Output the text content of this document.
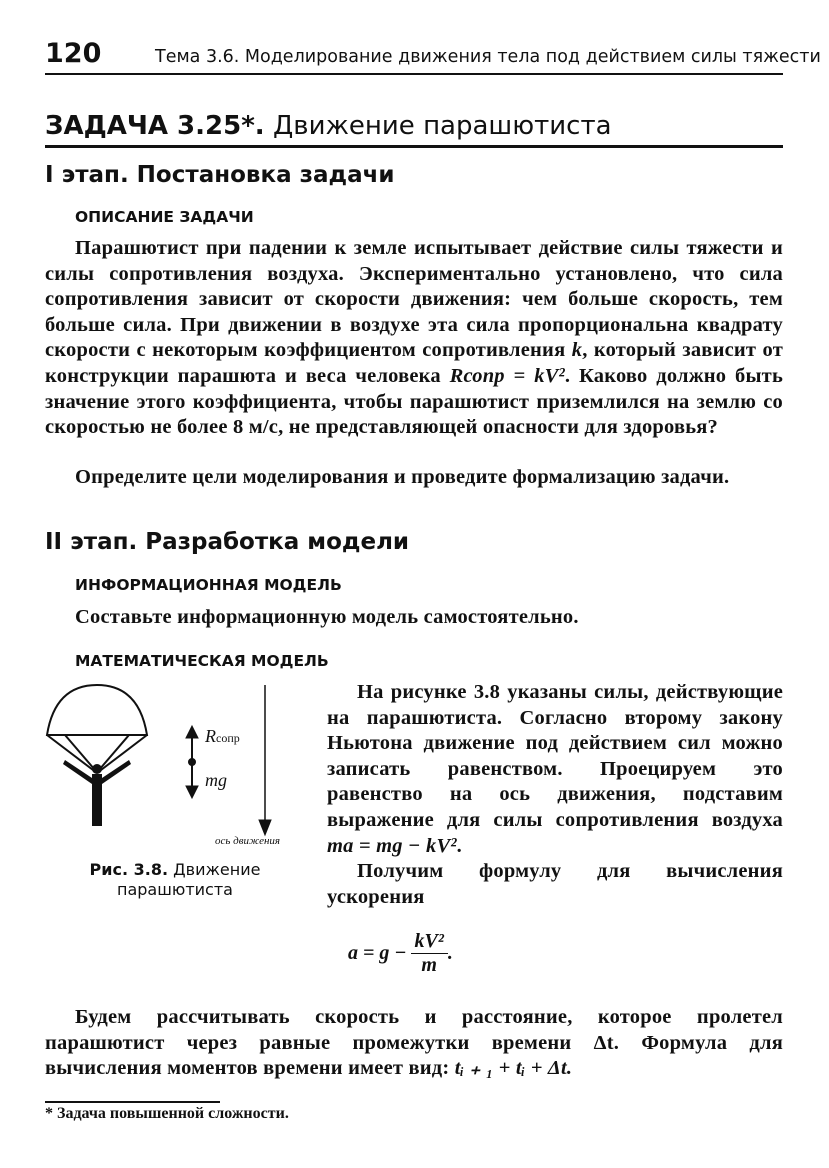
120	Тема 3.6. Моделирование движения тела под действием силы тяжести
ЗАДАЧА 3.25*. Движение парашютиста
I этап. Постановка задачи
ОПИСАНИЕ ЗАДАЧИ
Парашютист при падении к земле испытывает действие силы тяжести и силы сопротивления воздуха. Экспериментально установлено, что сила сопротивления зависит от скорости движения: чем больше скорость, тем больше сила. При движении в воздухе эта сила пропорциональна квадрату скорости с некоторым коэффициентом сопротивления k, который зависит от конструкции парашюта и веса человека Rсопр = kV². Каково должно быть значение этого коэффициента, чтобы парашютист приземлился на землю со скоростью не более 8 м/с, не представляющей опасности для здоровья?
Определите цели моделирования и проведите формализацию задачи.
II этап. Разработка модели
ИНФОРМАЦИОННАЯ МОДЕЛЬ
Составьте информационную модель самостоятельно.
МАТЕМАТИЧЕСКАЯ МОДЕЛЬ
Rсопр
mg
ось движения
Рис. 3.8. Движение парашютиста
На рисунке 3.8 указаны силы, действующие на парашютиста. Согласно второму закону Ньютона движение под действием сил можно записать равенством. Проецируем это равенство на ось движения, подставим выражение для силы сопротивления воздуха ma = mg − kV².
Получим формулу для вычисления ускорения
$a = g - \frac{\text{kV²}}{m}$ .
Будем рассчитывать скорость и расстояние, которое пролетел парашютист через равные промежутки времени Δt. Формула для вычисления моментов времени имеет вид: tᵢ ₊ ₁ + tᵢ + Δt.
* Задача повышенной сложности.
